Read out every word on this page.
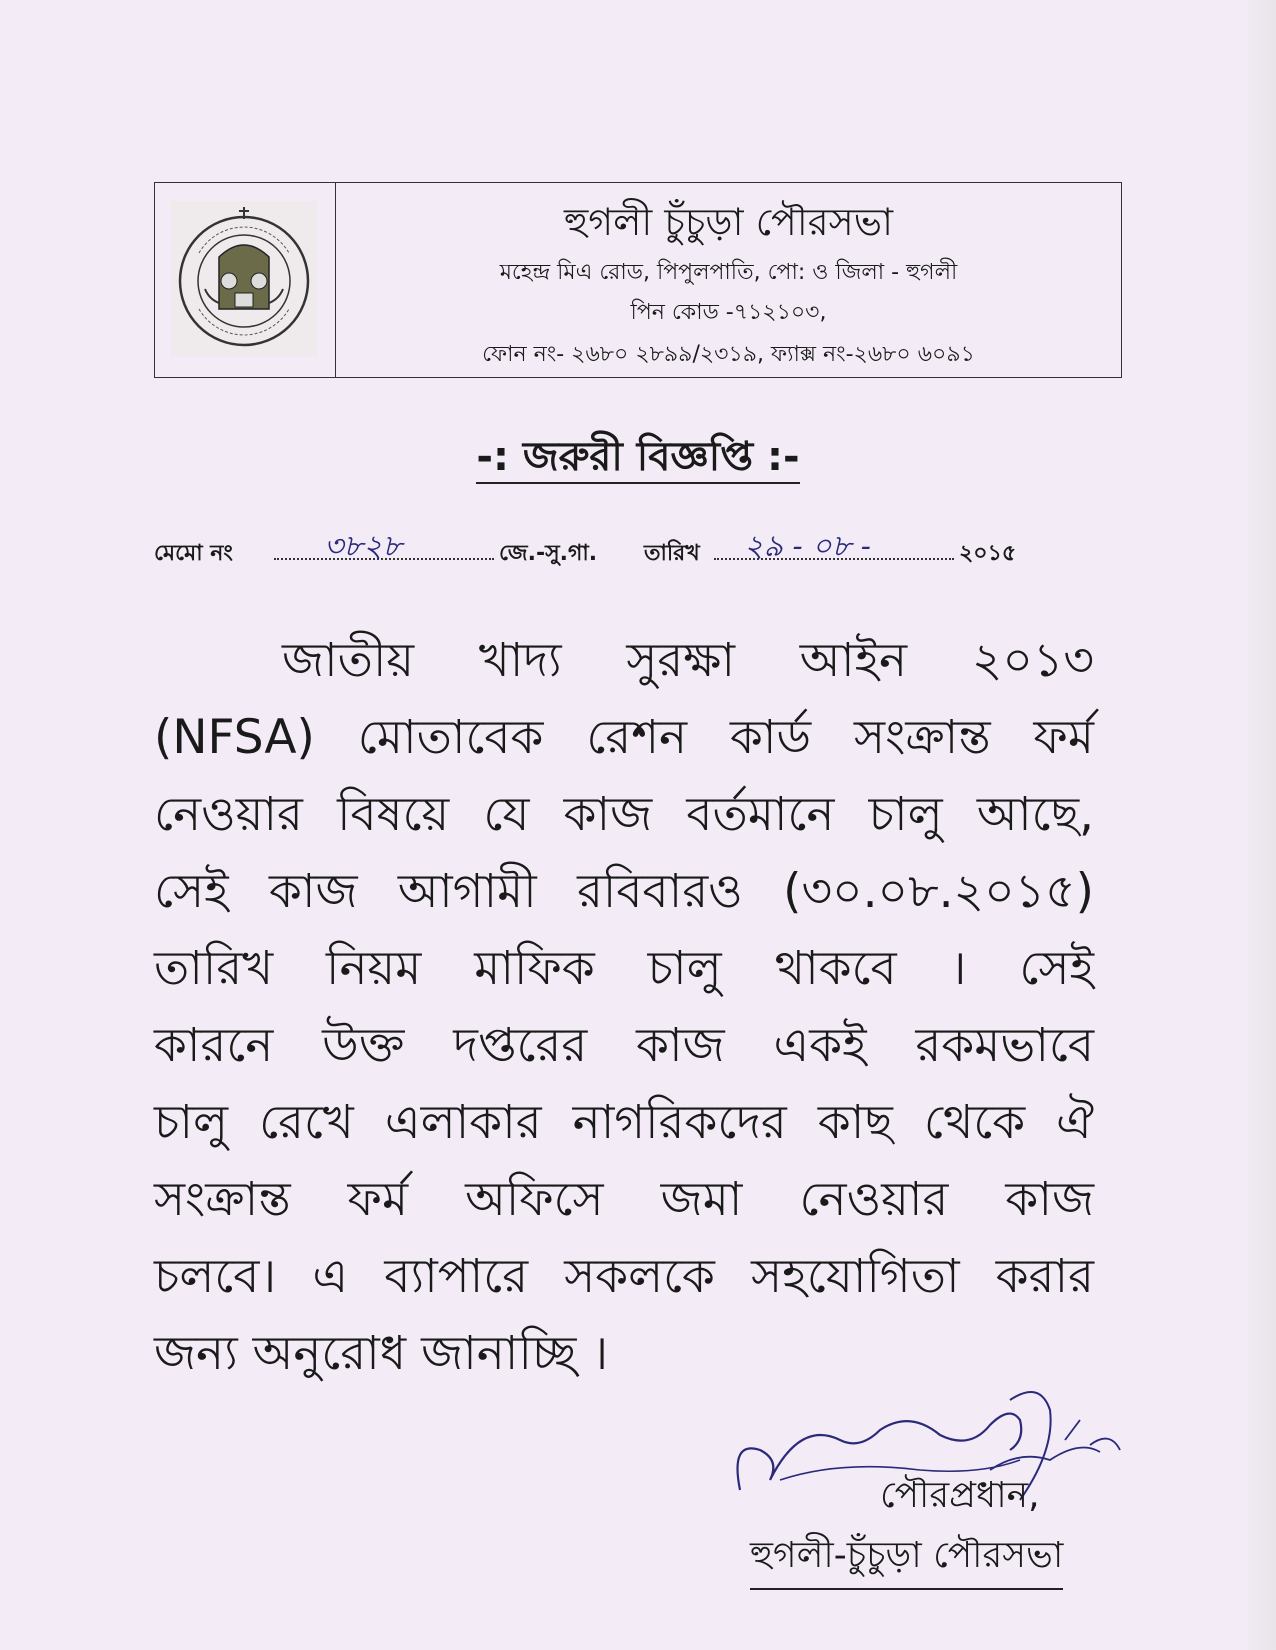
হুগলী চুঁচুড়া পৌরসভা
মহেন্দ্র মিএ রোড, পিপুলপাতি, পো: ও জিলা - হুগলী
পিন কোড -৭১২১০৩,
ফোন নং- ২৬৮০ ২৮৯৯/২৩১৯, ফ্যাক্স নং-২৬৮০ ৬০৯১
-: জরুরী বিজ্ঞপ্তি :-
মেমো নং	৩৮২৮	জে.-সু.গা. তারিখ ২৯ - ০৮ -	২০১৫
জাতীয় খাদ্য সুরক্ষা আইন ২০১৩
(NFSA) মোতাবেক রেশন কার্ড সংক্রান্ত ফর্ম
নেওয়ার বিষয়ে যে কাজ বর্তমানে চালু আছে,
সেই কাজ আগামী রবিবারও (৩০.০৮.২০১৫)
তারিখ নিয়ম মাফিক চালু থাকবে । সেই
কারনে উক্ত দপ্তরের কাজ একই রকমভাবে
চালু রেখে এলাকার নাগরিকদের কাছ থেকে ঐ
সংক্রান্ত ফর্ম অফিসে জমা নেওয়ার কাজ
চলবে। এ ব্যাপারে সকলকে সহযোগিতা করার
জন্য অনুরোধ জানাচ্ছি ।
পৌরপ্রধান,
হুগলী-চুঁচুড়া পৌরসভা
